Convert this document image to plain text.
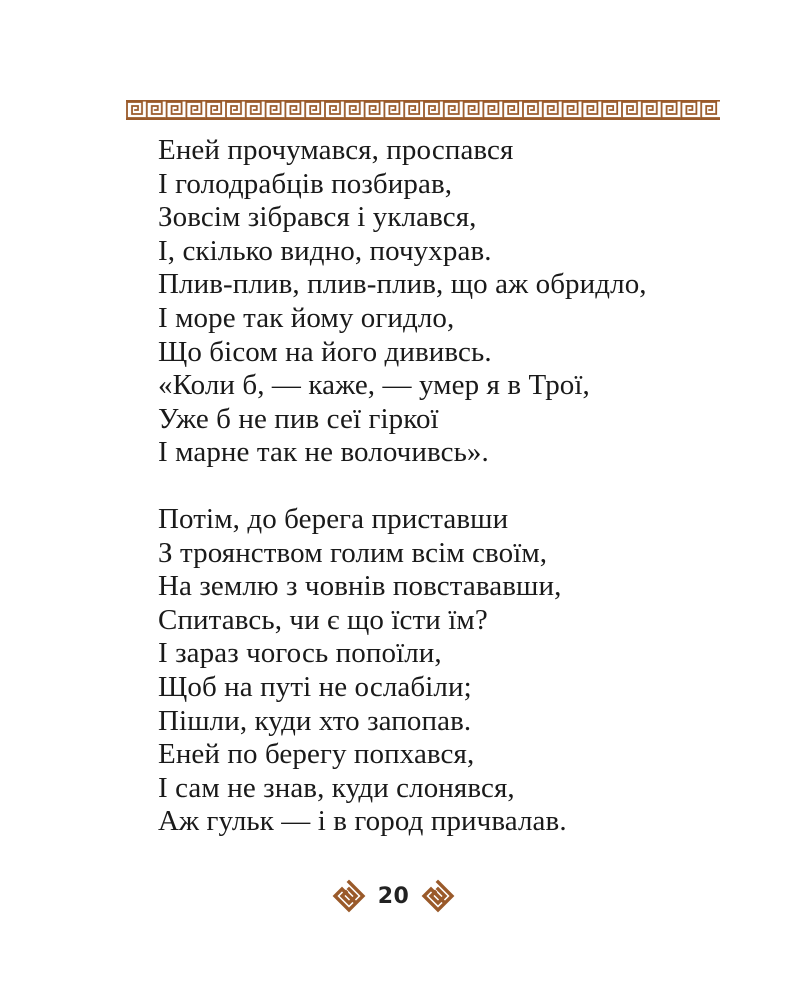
Еней прочумався, проспався
І голодрабців позбирав,
Зовсім зібрався і уклався,
І, скілько видно, почухрав.
Плив-плив, плив-плив, що аж обридло,
І море так йому огидло,
Що бісом на його дививсь.
«Коли б, — каже, — умер я в Трої,
Уже б не пив сеї гіркої
І марне так не волочивсь».
Потім, до берега приставши
З троянством голим всім своїм,
На землю з човнів повстававши,
Спитавсь, чи є що їсти їм?
І зараз чогось попоїли,
Щоб на путі не ослабіли;
Пішли, куди хто запопав.
Еней по берегу попхався,
І сам не знав, куди слонявся,
Аж гульк — і в город причвалав.
20
